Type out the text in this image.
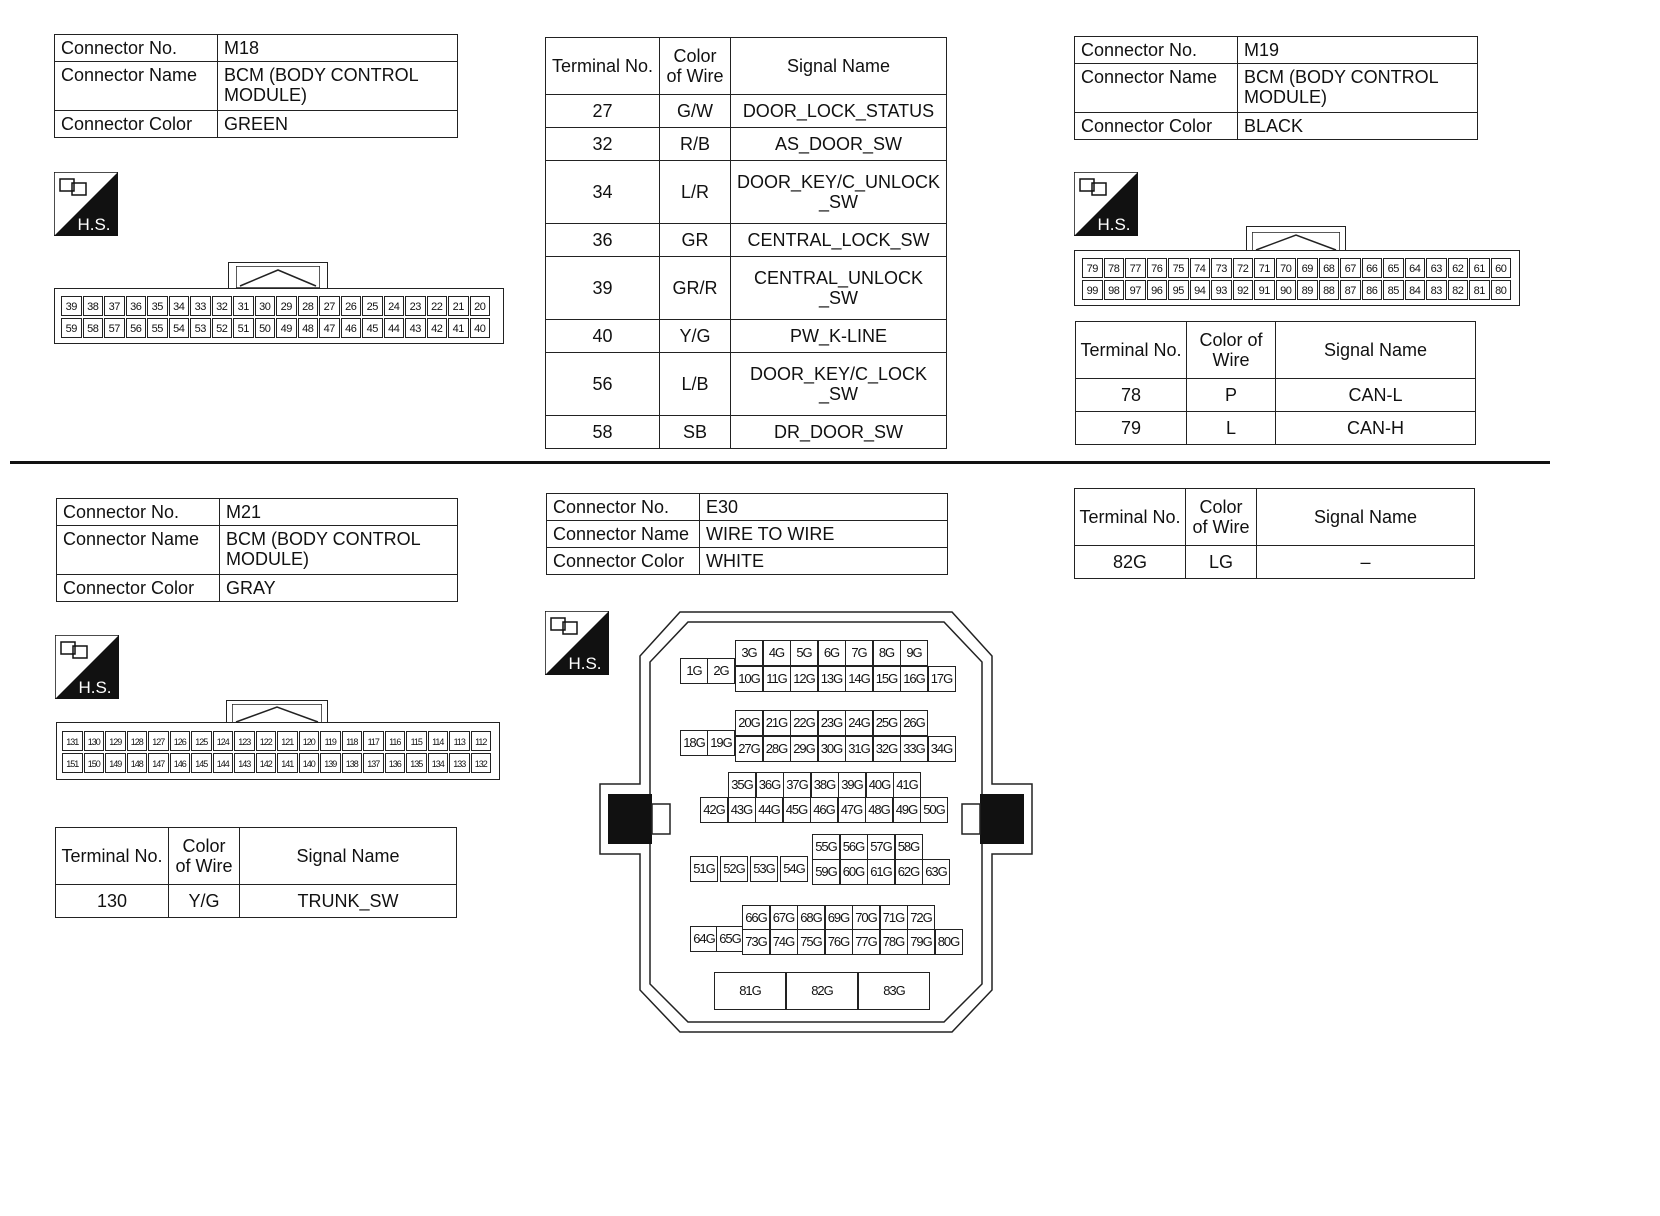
Connector No.	M18
Connector Name	BCM (BODY CONTROL MODULE)
Connector Color	GREEN
H.S.
39 38 37 36 35 34 33 32 31 30 29 28 27 26 25 24 23 22 21 20
59 58 57 56 55 54 53 52 51 50 49 48 47 46 45 44 43 42 41 40
Terminal No.	Color of Wire	Signal Name
27	G/W	DOOR_LOCK_STATUS
32	R/B	AS_DOOR_SW
34	L/R	DOOR_KEY/C_UNLOCK _SW
36	GR	CENTRAL_LOCK_SW
39	GR/R	CENTRAL_UNLOCK _SW
40	Y/G	PW_K-LINE
56	L/B	DOOR_KEY/C_LOCK _SW
58	SB	DR_DOOR_SW
Connector No.	M19
Connector Name	BCM (BODY CONTROL MODULE)
Connector Color	BLACK
H.S.
79 78 77 76 75 74 73 72 71 70 69 68 67 66 65 64 63 62 61 60
99 98 97 96 95 94 93 92 91 90 89 88 87 86 85 84 83 82 81 80
Terminal No.	Color of Wire	Signal Name
78	P	CAN-L
79	L	CAN-H
Connector No.	M21
Connector Name	BCM (BODY CONTROL MODULE)
Connector Color	GRAY
H.S.
131	130	129	128	127	126	125	124	123	122	121	120	119	118	117	116	115	114	113	112
151	150	149	148	147	146	145	144	143	142	141	140	139	138	137	136	135	134	133	132
Terminal No.	Color of Wire	Signal Name
130	Y/G	TRUNK_SW
Connector No.	E30
Connector Name	WIRE TO WIRE
Connector Color	WHITE
H.S.	1G 2G
3G 4G 5G 6G 7G 8G 9G
10G 11G 12G 13G 14G 15G 16G 17G
18G 19G
20G 21G 22G 23G 24G 25G 26G
27G 28G 29G 30G 31G 32G 33G 34G
35G 36G 37G 38G 39G 40G 41G
42G 43G 44G 45G 46G 47G 48G 49G 50G
51G 52G 53G 54G
55G 56G 57G 58G
59G 60G 61G 62G 63G
64G 65G
66G 67G 68G 69G 70G 71G 72G
73G 74G 75G 76G 77G 78G 79G 80G
81G	82G	83G
Terminal No.	Color of Wire	Signal Name
82G	LG	–
